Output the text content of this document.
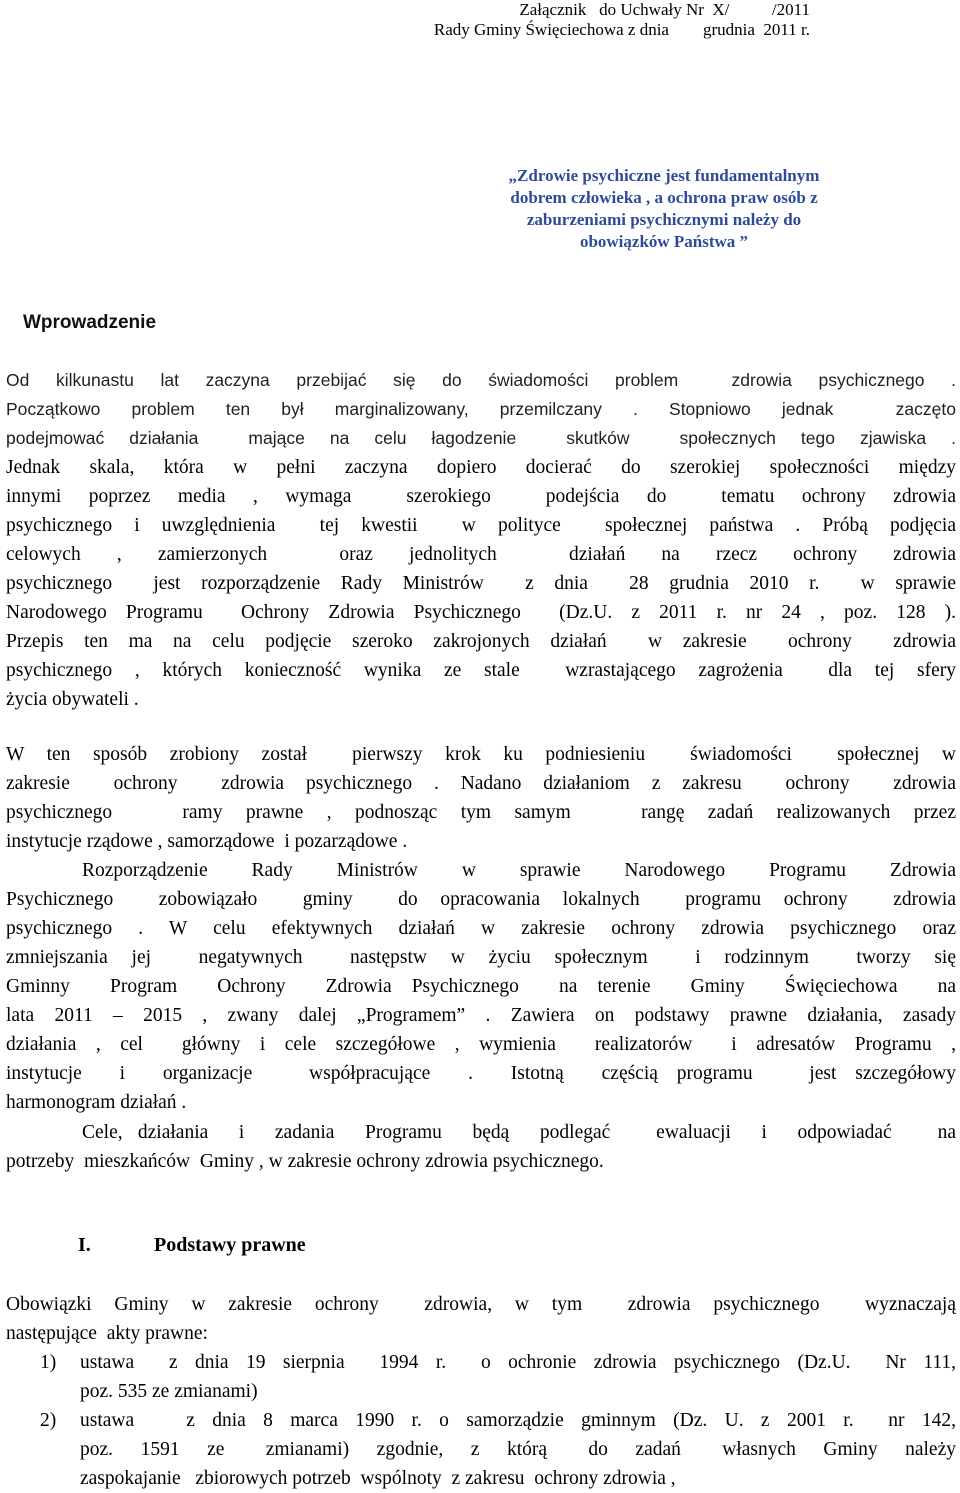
Załącznik   do Uchwały Nr  X/          /2011
Rady Gminy Święciechowa z dnia        grudnia  2011 r.
„Zdrowie psychiczne jest fundamentalnym
dobrem człowieka , a ochrona praw osób z
zaburzeniami psychicznymi należy do
obowiązków Państwa ”
Wprowadzenie
Od kilkunastu lat zaczyna przebijać się do świadomości problem  zdrowia psychicznego .
Początkowo problem ten był marginalizowany, przemilczany . Stopniowo jednak  zaczęto
podejmować działania  mające na celu łagodzenie  skutków  społecznych tego zjawiska .
Jednak skala, która w pełni zaczyna dopiero docierać do szerokiej społeczności między
innymi poprzez media , wymaga  szerokiego  podejścia do  tematu ochrony zdrowia
psychicznego i uwzględnienia  tej kwestii  w polityce  społecznej państwa . Próbą podjęcia
celowych , zamierzonych  oraz jednolitych  działań na rzecz ochrony zdrowia
psychicznego  jest rozporządzenie Rady Ministrów  z dnia  28 grudnia 2010 r.  w sprawie
Narodowego Programu  Ochrony Zdrowia Psychicznego  (Dz.U. z 2011 r. nr 24 , poz. 128 ).
Przepis ten ma na celu podjęcie szeroko zakrojonych działań  w zakresie  ochrony  zdrowia
psychicznego , których konieczność wynika ze stale  wzrastającego zagrożenia  dla tej sfery
życia obywateli .
W ten sposób zrobiony został  pierwszy krok ku podniesieniu  świadomości  społecznej w
zakresie  ochrony  zdrowia psychicznego . Nadano działaniom z zakresu  ochrony  zdrowia
psychicznego   ramy prawne , podnosząc tym samym   rangę zadań realizowanych przez
instytucje rządowe , samorządowe  i pozarządowe .
Rozporządzenie  Rady  Ministrów  w  sprawie  Narodowego  Programu  Zdrowia
Psychicznego  zobowiązało  gminy  do opracowania lokalnych  programu ochrony  zdrowia
psychicznego . W celu efektywnych działań w zakresie ochrony zdrowia psychicznego oraz
zmniejszania jej  negatywnych  następstw w życiu społecznym  i rodzinnym  tworzy się
Gminny  Program  Ochrony  Zdrowia Psychicznego  na terenie  Gminy  Święciechowa  na
lata 2011 – 2015 , zwany dalej „Programem” . Zawiera on podstawy prawne działania, zasady
działania , cel  główny i cele szczegółowe , wymienia  realizatorów  i adresatów Programu ,
instytucje  i  organizacje   współpracujące  .  Istotną  częścią programu   jest szczegółowy
harmonogram działań .
Cele, działania  i  zadania  Programu  będą  podlegać   ewaluacji  i  odpowiadać   na
potrzeby  mieszkańców  Gminy , w zakresie ochrony zdrowia psychicznego.
I.	Podstawy prawne
Obowiązki Gminy w zakresie ochrony  zdrowia, w tym  zdrowia psychicznego  wyznaczają
następujące  akty prawne:
1) ustawa  z dnia 19 sierpnia  1994 r.  o ochronie zdrowia psychicznego (Dz.U.  Nr 111,
poz. 535 ze zmianami)
2) ustawa   z dnia 8 marca 1990 r. o samorządzie gminnym (Dz. U. z 2001 r.  nr 142,
poz.  1591  ze   zmianami)  zgodnie,  z  którą   do  zadań   własnych  Gminy  należy
zaspokajanie   zbiorowych potrzeb  wspólnoty  z zakresu  ochrony zdrowia ,
